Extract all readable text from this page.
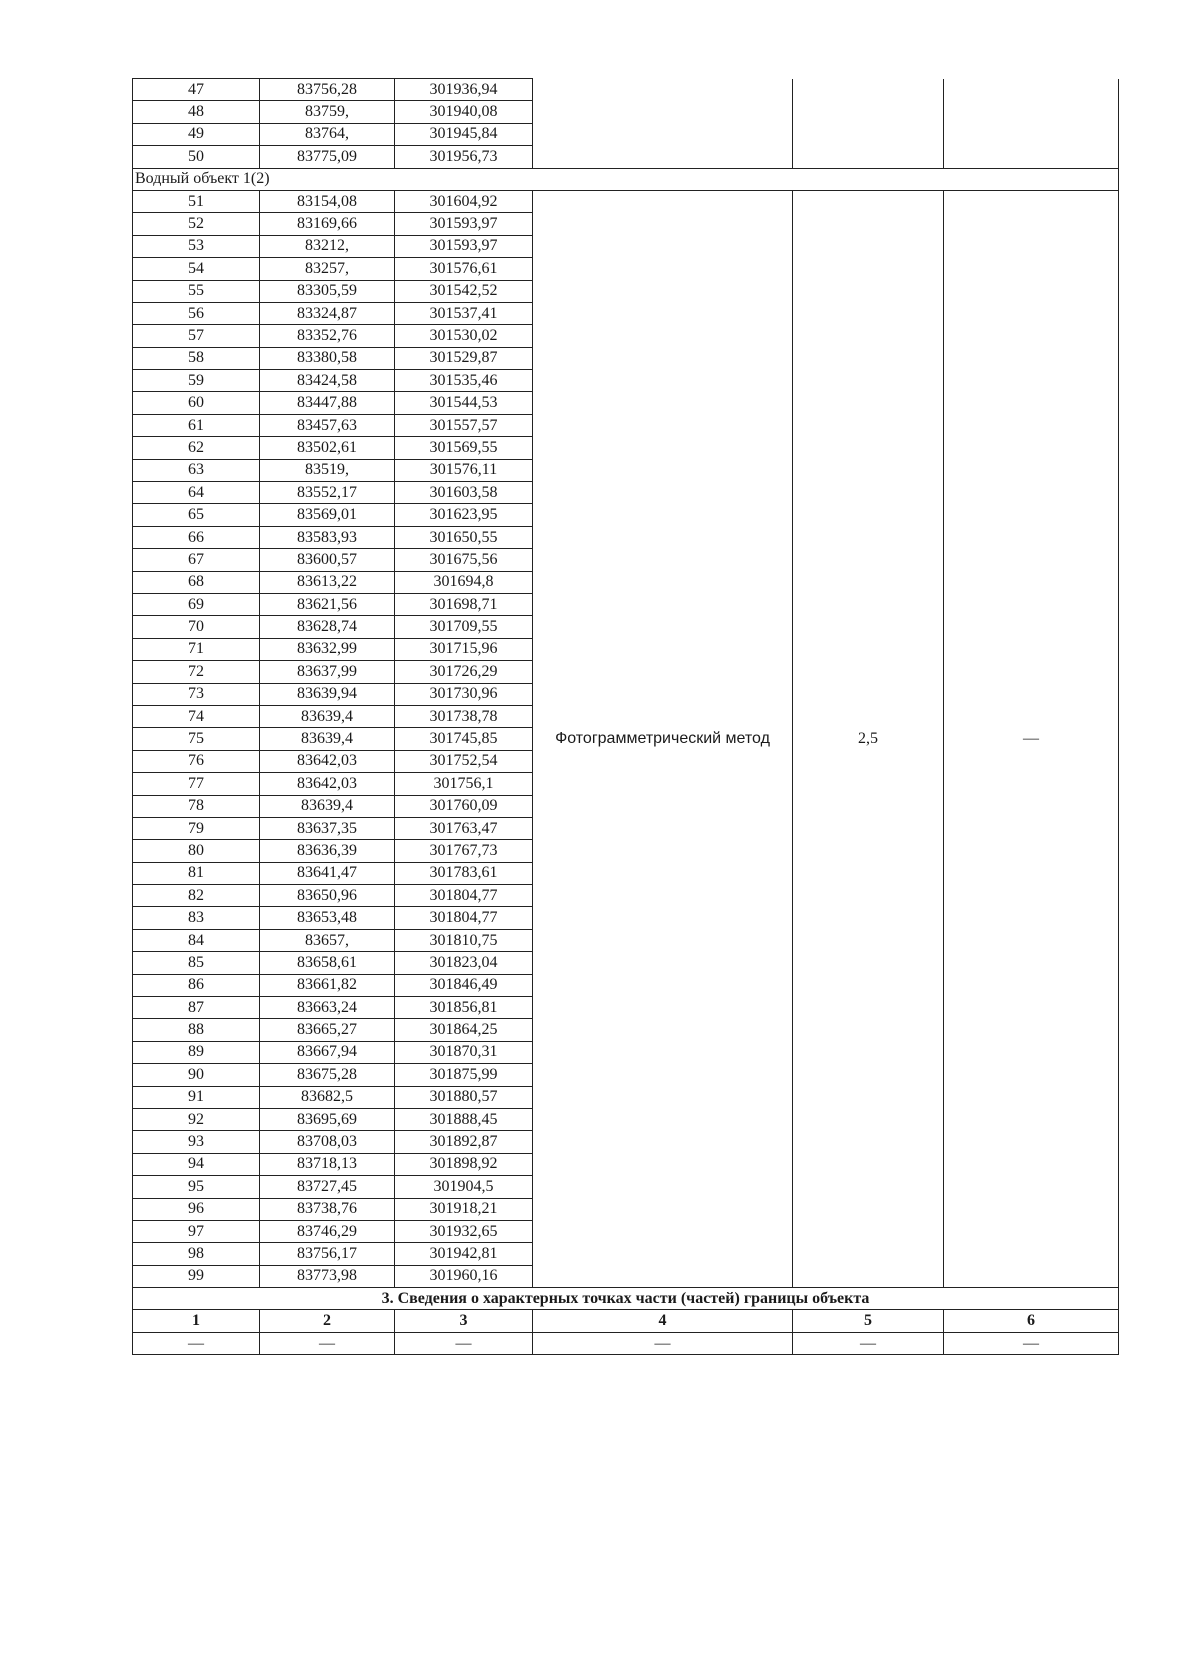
47	83756,28	301936,94			
48	83759,	301940,08			
49	83764,	301945,84			
50	83775,09	301956,73			
Водный объект 1(2)					
51	83154,08	301604,92	Фотограмметрический метод	2,5	—
52	83169,66	301593,97			
53	83212,	301593,97			
54	83257,	301576,61			
55	83305,59	301542,52			
56	83324,87	301537,41			
57	83352,76	301530,02			
58	83380,58	301529,87			
59	83424,58	301535,46			
60	83447,88	301544,53			
61	83457,63	301557,57			
62	83502,61	301569,55			
63	83519,	301576,11			
64	83552,17	301603,58			
65	83569,01	301623,95			
66	83583,93	301650,55			
67	83600,57	301675,56			
68	83613,22	301694,8			
69	83621,56	301698,71			
70	83628,74	301709,55			
71	83632,99	301715,96			
72	83637,99	301726,29			
73	83639,94	301730,96			
74	83639,4	301738,78			
75	83639,4	301745,85			
76	83642,03	301752,54			
77	83642,03	301756,1			
78	83639,4	301760,09			
79	83637,35	301763,47			
80	83636,39	301767,73			
81	83641,47	301783,61			
82	83650,96	301804,77			
83	83653,48	301804,77			
84	83657,	301810,75			
85	83658,61	301823,04			
86	83661,82	301846,49			
87	83663,24	301856,81			
88	83665,27	301864,25			
89	83667,94	301870,31			
90	83675,28	301875,99			
91	83682,5	301880,57			
92	83695,69	301888,45			
93	83708,03	301892,87			
94	83718,13	301898,92			
95	83727,45	301904,5			
96	83738,76	301918,21			
97	83746,29	301932,65			
98	83756,17	301942,81			
99	83773,98	301960,16			
3. Сведения о характерных точках части (частей) границы объекта					
1	2	3	4	5	6
—	—	—	—	—	—
